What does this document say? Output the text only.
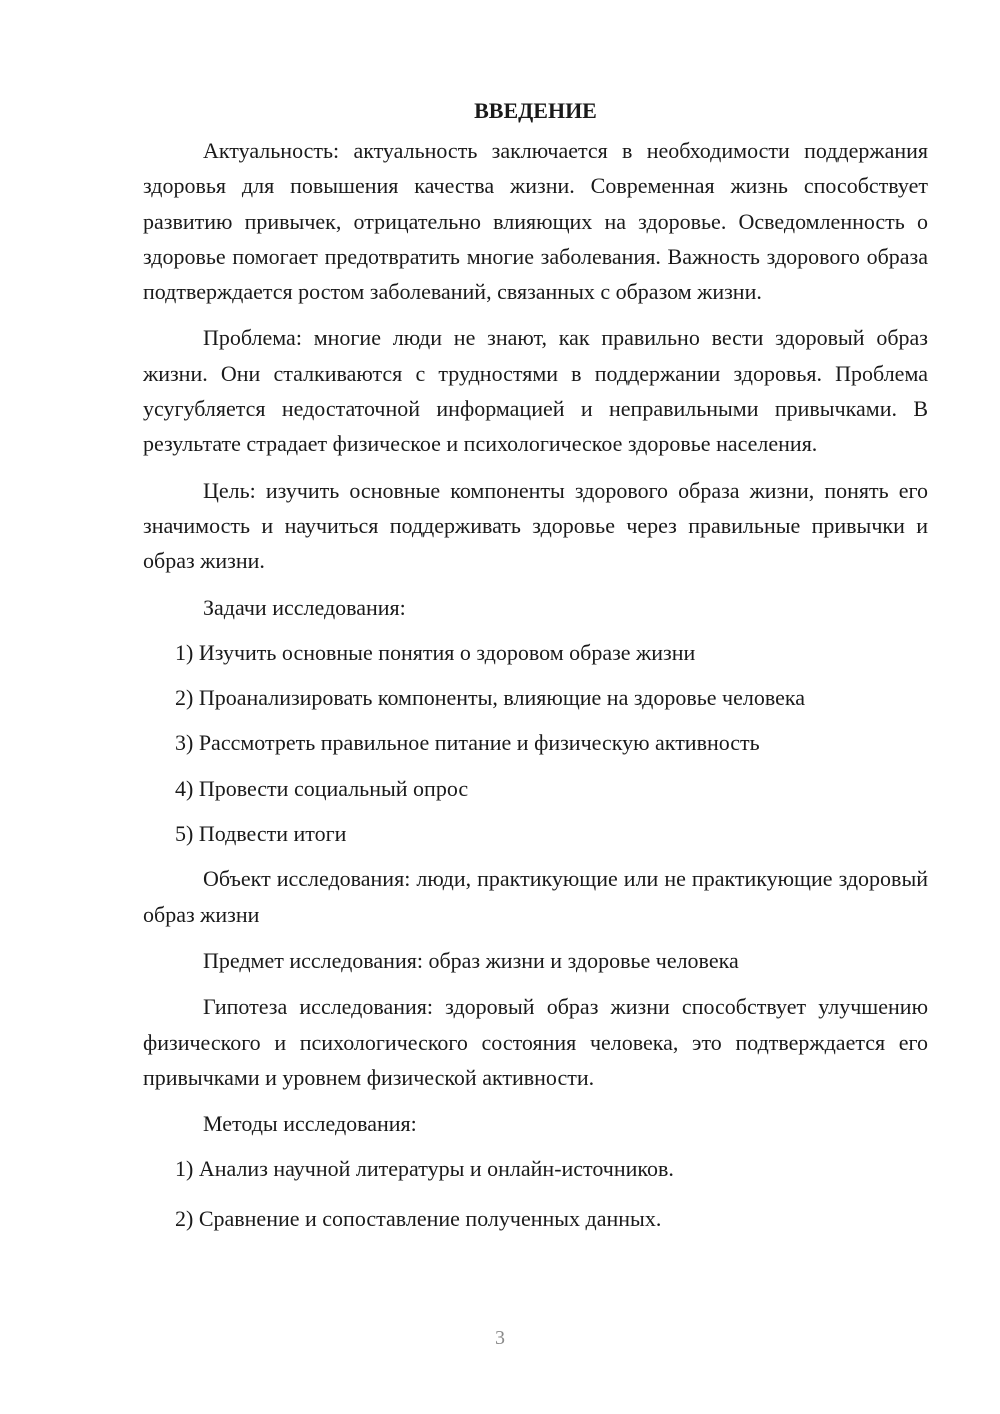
ВВЕДЕНИЕ

Актуальность: актуальность заключается в необходимости поддержания здоровья для повышения качества жизни. Современная жизнь способствует развитию привычек, отрицательно влияющих на здоровье. Осведомленность о здоровье помогает предотвратить многие заболевания. Важность здорового образа подтверждается ростом заболеваний, связанных с образом жизни.

Проблема: многие люди не знают, как правильно вести здоровый образ жизни. Они сталкиваются с трудностями в поддержании здоровья. Проблема усугубляется недостаточной информацией и неправильными привычками. В результате страдает физическое и психологическое здоровье населения.

Цель: изучить основные компоненты здорового образа жизни, понять его значимость и научиться поддерживать здоровье через правильные привычки и образ жизни.

Задачи исследования:

1) Изучить основные понятия о здоровом образе жизни
2) Проанализировать компоненты, влияющие на здоровье человека
3) Рассмотреть правильное питание и физическую активность
4) Провести социальный опрос
5) Подвести итоги

Объект исследования: люди, практикующие или не практикующие здоровый образ жизни

Предмет исследования: образ жизни и здоровье человека

Гипотеза исследования: здоровый образ жизни способствует улучшению физического и психологического состояния человека, это подтверждается его привычками и уровнем физической активности.

Методы исследования:

1) Анализ научной литературы и онлайн-источников.
2) Сравнение и сопоставление полученных данных.
3
